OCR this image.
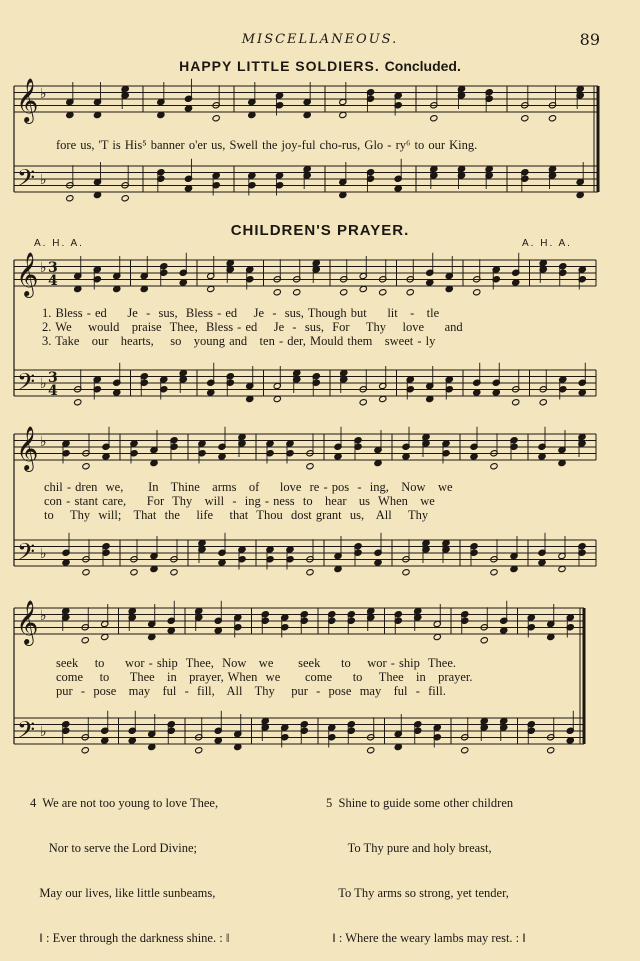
MISCELLANEOUS.	89
HAPPY LITTLE SOLDIERS. Concluded.
𝄞
𝄢
♭
♭
fore us, 'T is His⁵ banner o'er us, Swell the joy-ful cho-rus, Glo - ry⁶ to our King.
CHILDREN'S PRAYER.
A. H. A.	A. H. A.
𝄞
𝄢
♭
♭
3
4
3
4
1. Bless - ed     Je  -  sus,  Bless - ed    Je  -  sus, Though but     lit   -   tle
2. We    would   praise  Thee,  Bless - ed    Je  -  sus,  For    Thy    love     and
3. Take   our   hearts,    so   young and   ten - der, Mould them   sweet - ly
𝄞
𝄢
♭
♭
chil - dren  we,      In   Thine   arms   of     love  re - pos  -  ing,   Now   we
con - stant care,     For  Thy   will  -  ing - ness  to   hear   us  When   we
to    Thy  will;   That  the    life    that  Thou  dost grant  us,   All    Thy
𝄞
𝄢
♭
♭
seek    to     wor - ship  Thee,  Now   we      seek     to    wor - ship  Thee.
come    to     Thee   in   prayer, When  we      come     to    Thee   in   prayer.
pur  -  pose   may   ful  -  fill,   All   Thy    pur  -  pose  may   ful  -  fill.

4  We are not too young to love Thee,

Nor to serve the Lord Divine;

May our lives, like little sunbeams,

‖ : Ever through the darkness shine. : ‖

5  Shine to guide some other children

To Thy pure and holy breast,

To Thy arms so strong, yet tender,

‖ : Where the weary lambs may rest. : ‖
